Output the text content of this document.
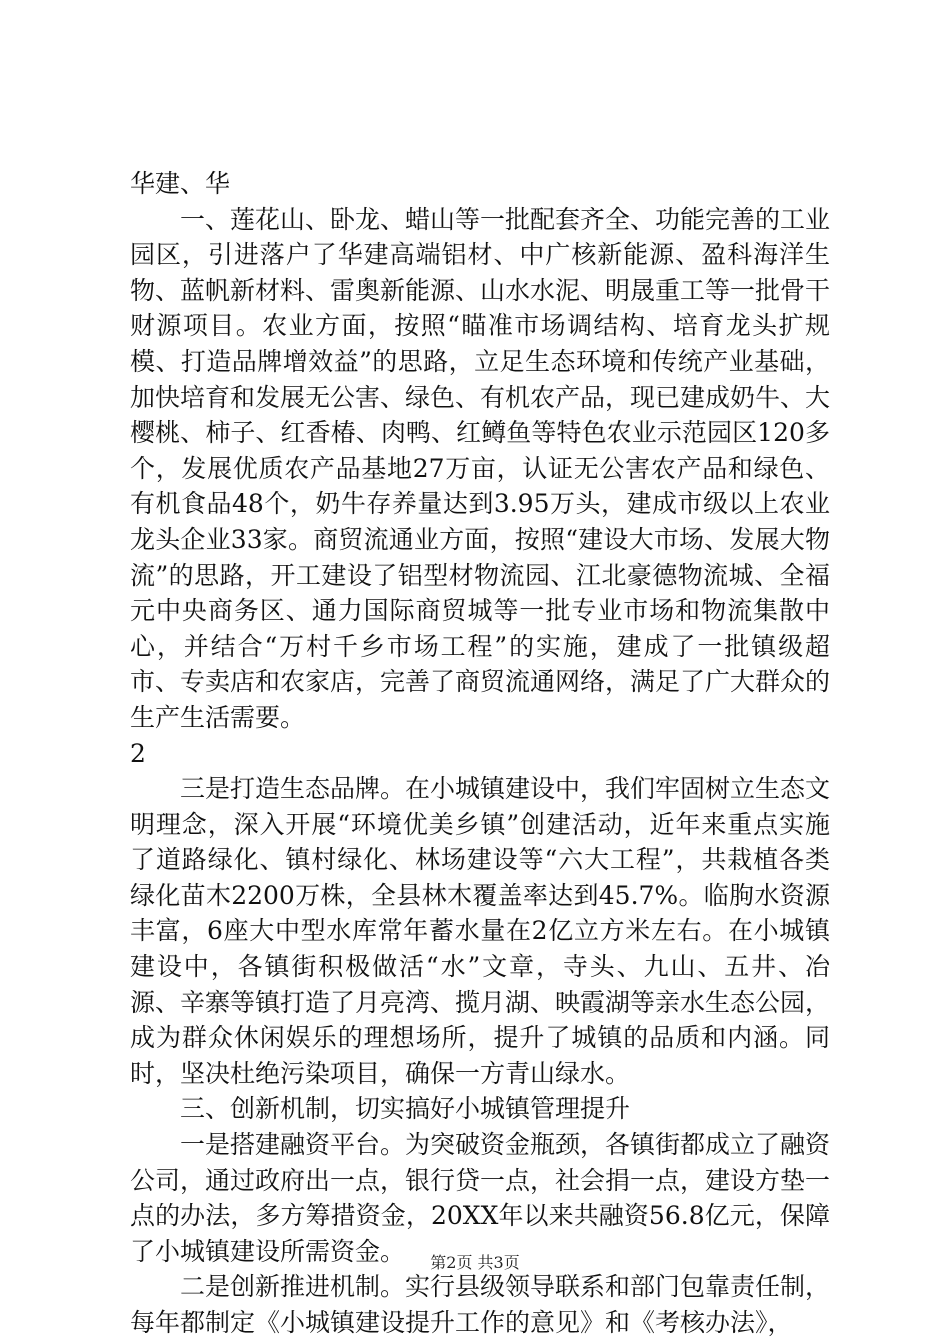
华建、华

一、莲花山、卧龙、蜡山等一批配套齐全、功能完善的工业园区，引进落户了华建高端铝材、中广核新能源、盈科海洋生物、蓝帆新材料、雷奥新能源、山水水泥、明晟重工等一批骨干财源项目。农业方面，按照“瞄准市场调结构、培育龙头扩规模、打造品牌增效益”的思路，立足生态环境和传统产业基础，加快培育和发展无公害、绿色、有机农产品，现已建成奶牛、大樱桃、柿子、红香椿、肉鸭、红鳟鱼等特色农业示范园区120多个，发展优质农产品基地27万亩，认证无公害农产品和绿色、有机食品48个，奶牛存养量达到3.95万头，建成市级以上农业龙头企业33家。商贸流通业方面，按照“建设大市场、发展大物流”的思路，开工建设了铝型材物流园、江北豪德物流城、全福元中央商务区、通力国际商贸城等一批专业市场和物流集散中心，并结合“万村千乡市场工程”的实施，建成了一批镇级超市、专卖店和农家店，完善了商贸流通网络，满足了广大群众的生产生活需要。

2

三是打造生态品牌。在小城镇建设中，我们牢固树立生态文明理念，深入开展“环境优美乡镇”创建活动，近年来重点实施了道路绿化、镇村绿化、林场建设等“六大工程”，共栽植各类绿化苗木2200万株，全县林木覆盖率达到45.7%。临朐水资源丰富，6座大中型水库常年蓄水量在2亿立方米左右。在小城镇建设中，各镇街积极做活“水”文章，寺头、九山、五井、冶源、辛寨等镇打造了月亮湾、揽月湖、映霞湖等亲水生态公园，成为群众休闲娱乐的理想场所，提升了城镇的品质和内涵。同时，坚决杜绝污染项目，确保一方青山绿水。

三、创新机制，切实搞好小城镇管理提升

一是搭建融资平台。为突破资金瓶颈，各镇街都成立了融资公司，通过政府出一点，银行贷一点，社会捐一点，建设方垫一点的办法，多方筹措资金，20XX年以来共融资56.8亿元，保障了小城镇建设所需资金。

二是创新推进机制。实行县级领导联系和部门包靠责任制，每年都制定《小城镇建设提升工作的意见》和《考核办法》，

第2页 共3页
